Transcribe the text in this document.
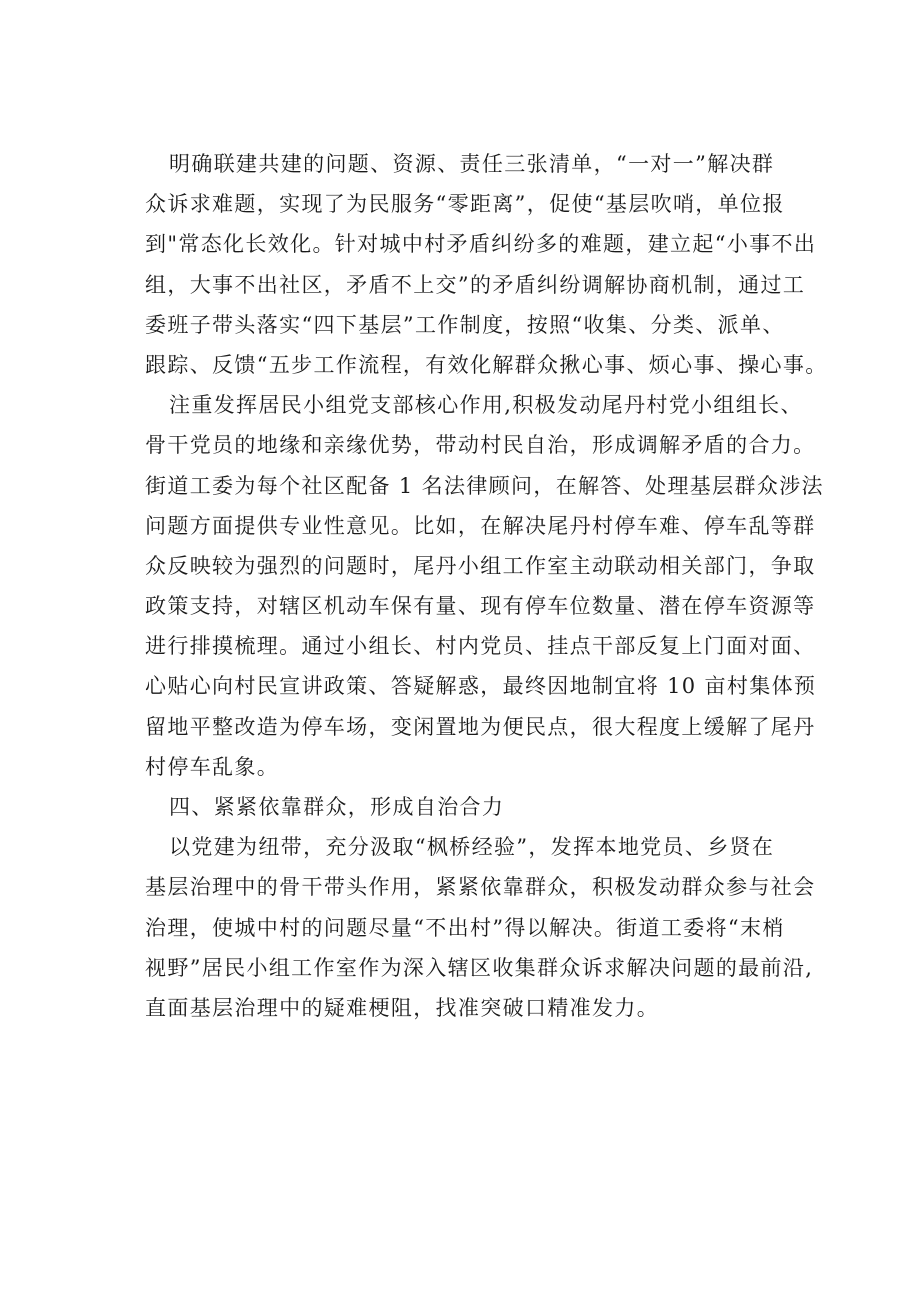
明确联建共建的问题、资源、责任三张清单，“一对一”解决群
众诉求难题，实现了为民服务“零距离”，促使“基层吹哨，单位报
到"常态化长效化。针对城中村矛盾纠纷多的难题，建立起“小事不出
组，大事不出社区，矛盾不上交”的矛盾纠纷调解协商机制，通过工
委班子带头落实“四下基层”工作制度，按照“收集、分类、派单、
跟踪、反馈“五步工作流程，有效化解群众揪心事、烦心事、操心事。
注重发挥居民小组党支部核心作用,积极发动尾丹村党小组组长、
骨干党员的地缘和亲缘优势，带动村民自治，形成调解矛盾的合力。
街道工委为每个社区配备 1 名法律顾问，在解答、处理基层群众涉法
问题方面提供专业性意见。比如，在解决尾丹村停车难、停车乱等群
众反映较为强烈的问题时，尾丹小组工作室主动联动相关部门，争取
政策支持，对辖区机动车保有量、现有停车位数量、潜在停车资源等
进行排摸梳理。通过小组长、村内党员、挂点干部反复上门面对面、
心贴心向村民宣讲政策、答疑解惑，最终因地制宜将 10 亩村集体预
留地平整改造为停车场，变闲置地为便民点，很大程度上缓解了尾丹
村停车乱象。
四、紧紧依靠群众，形成自治合力
以党建为纽带，充分汲取“枫桥经验”，发挥本地党员、乡贤在
基层治理中的骨干带头作用，紧紧依靠群众，积极发动群众参与社会
治理，使城中村的问题尽量“不出村”得以解决。街道工委将“末梢
视野”居民小组工作室作为深入辖区收集群众诉求解决问题的最前沿,
直面基层治理中的疑难梗阻，找准突破口精准发力。
